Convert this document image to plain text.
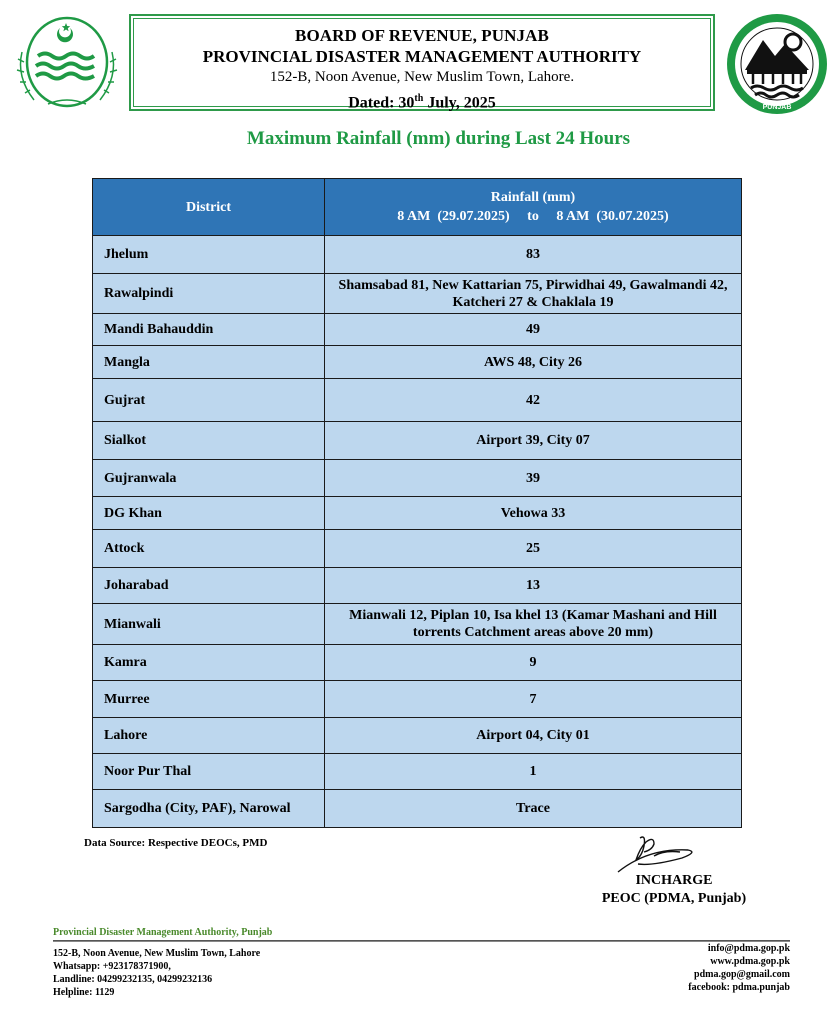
BOARD OF REVENUE, PUNJAB
PROVINCIAL DISASTER MANAGEMENT AUTHORITY
152-B, Noon Avenue, New Muslim Town, Lahore.
Dated: 30th July, 2025	PUNJAB
Maximum Rainfall (mm) during Last 24 Hours
District	Rainfall (mm)
8 AM  (29.07.2025)     to     8 AM  (30.07.2025)

Jhelum	83
Rawalpindi	Shamsabad 81, New Kattarian 75, Pirwidhai 49, Gawalmandi 42, Katcheri 27 & Chaklala 19
Mandi Bahauddin	49
Mangla	AWS 48, City 26
Gujrat	42
Sialkot	Airport 39, City 07
Gujranwala	39
DG Khan	Vehowa 33
Attock	25
Joharabad	13
Mianwali	Mianwali 12, Piplan 10, Isa khel 13 (Kamar Mashani and Hill torrents Catchment areas above 20 mm)
Kamra	9
Murree	7
Lahore	Airport 04, City 01
Noor Pur Thal	1
Sargodha (City, PAF), Narowal	Trace
Data Source: Respective DEOCs, PMD
INCHARGE
PEOC (PDMA, Punjab)
Provincial Disaster Management Authority, Punjab
152-B, Noon Avenue, New Muslim Town, Lahore
Whatsapp: +923178371900,
Landline: 04299232135, 04299232136
Helpline: 1129
info@pdma.gop.pk
www.pdma.gop.pk
pdma.gop@gmail.com
facebook: pdma.punjab
